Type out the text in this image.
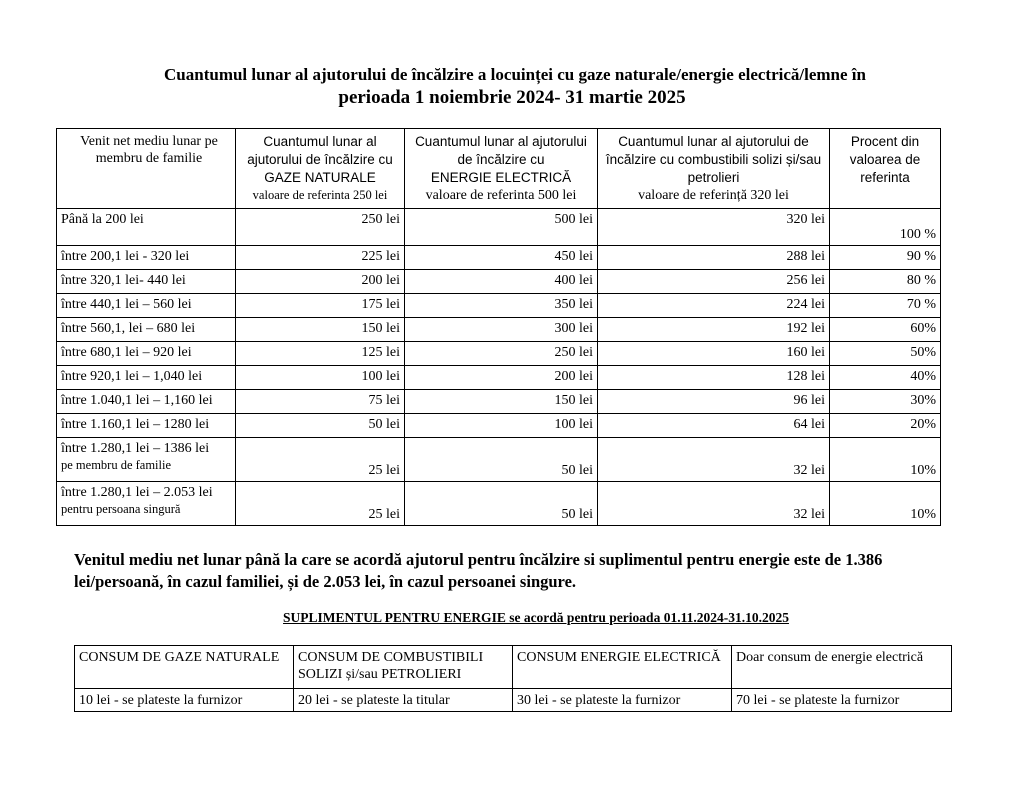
Cuantumul lunar al ajutorului de încălzire a locuinței cu gaze naturale/energie electrică/lemne în
perioada 1 noiembrie 2024- 31 martie 2025
Venit net mediu lunar pe membru de familie	Cuantumul lunar al ajutorului de încălzire cu
GAZE NATURALE
valoare de referinta 250 lei	Cuantumul lunar al ajutorului de încălzire cu
ENERGIE ELECTRICĂ
valoare de referinta 500 lei	Cuantumul lunar al ajutorului de încălzire cu combustibili solizi și/sau petrolieri
valoare de referință 320 lei	Procent din valoarea de referinta
Până la 200 lei	250 lei	500 lei	320 lei	100 %
între 200,1 lei - 320 lei	225 lei	450 lei	288 lei	90 %
între 320,1 lei- 440 lei	200 lei	400 lei	256 lei	80 %
între 440,1 lei – 560 lei	175 lei	350 lei	224 lei	70 %
între 560,1, lei – 680 lei	150 lei	300 lei	192 lei	60%
între 680,1 lei – 920 lei	125 lei	250 lei	160 lei	50%
între 920,1 lei – 1,040 lei	100 lei	200 lei	128 lei	40%
între 1.040,1 lei – 1,160 lei	75 lei	150 lei	96 lei	30%
între 1.160,1 lei – 1280 lei	50 lei	100 lei	64 lei	20%
între 1.280,1 lei – 1386 lei
pe membru de familie	25 lei	50 lei	32 lei	10%
între 1.280,1 lei – 2.053 lei
pentru persoana singură	25 lei	50 lei	32 lei	10%
Venitul mediu net lunar până la care se acordă ajutorul pentru încălzire si suplimentul pentru energie este de 1.386 lei/persoană, în cazul familiei, și de 2.053 lei, în cazul persoanei singure.
SUPLIMENTUL PENTRU ENERGIE se acordă pentru perioada 01.11.2024-31.10.2025
CONSUM DE GAZE NATURALE	CONSUM DE COMBUSTIBILI SOLIZI și/sau PETROLIERI	CONSUM ENERGIE ELECTRICĂ	Doar consum de energie electrică
10 lei - se plateste la furnizor	20 lei - se plateste la titular	30 lei - se plateste la furnizor	70 lei - se plateste la furnizor
